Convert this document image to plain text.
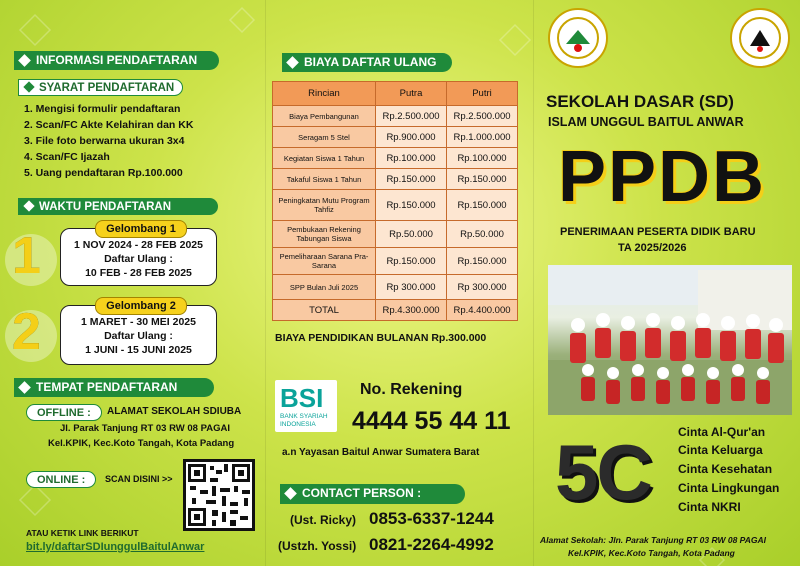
INFORMASI PENDAFTARAN
SYARAT PENDAFTARAN
1. Mengisi formulir pendaftaran
2. Scan/FC Akte Kelahiran dan KK
3. File foto berwarna ukuran 3x4
4. Scan/FC Ijazah
5. Uang pendaftaran Rp.100.000
WAKTU PENDAFTARAN
1	Gelombang 1
1 NOV 2024 - 28 FEB 2025
Daftar Ulang :
10 FEB - 28 FEB 2025
2	Gelombang 2
1 MARET - 30 MEI 2025
Daftar Ulang :
1 JUNI - 15 JUNI 2025
TEMPAT PENDAFTARAN
OFFLINE :	ALAMAT SEKOLAH SDIUBA
Jl. Parak Tanjung RT 03 RW 08 PAGAI
Kel.KPIK, Kec.Koto Tangah, Kota Padang
ONLINE :	SCAN DISINI >>
ATAU KETIK LINK BERIKUT
bit.ly/daftarSDIunggulBaitulAnwar
BIAYA DAFTAR ULANG
Rincian	Putra	Putri
Biaya Pembangunan	Rp.2.500.000	Rp.2.500.000
Seragam 5 Stel	Rp.900.000	Rp.1.000.000
Kegiatan Siswa 1 Tahun	Rp.100.000	Rp.100.000
Takaful Siswa 1 Tahun	Rp.150.000	Rp.150.000
Peningkatan Mutu Program Tahfiz	Rp.150.000	Rp.150.000
Pembukaan Rekening Tabungan Siswa	Rp.50.000	Rp.50.000
Pemeliharaan Sarana Pra-Sarana	Rp.150.000	Rp.150.000
SPP Bulan Juli 2025	Rp 300.000	Rp 300.000
TOTAL	Rp.4.300.000	Rp.4.400.000
BIAYA PENDIDIKAN BULANAN Rp.300.000
BSI
BANK SYARIAH
INDONESIA
No. Rekening
4444 55 44 11
a.n Yayasan Baitul Anwar Sumatera Barat
CONTACT PERSON :
(Ust. Ricky) 0853-6337-1244
(Ustzh. Yossi) 0821-2264-4992
SEKOLAH DASAR (SD)
ISLAM UNGGUL BAITUL ANWAR
PPDB
PENERIMAAN PESERTA DIDIK BARU
TA 2025/2026
5C Cinta Al-Qur'an
Cinta Keluarga
Cinta Kesehatan
Cinta Lingkungan
Cinta NKRI
Alamat Sekolah: Jln. Parak Tanjung RT 03 RW 08 PAGAI
Kel.KPIK, Kec.Koto Tangah, Kota Padang
